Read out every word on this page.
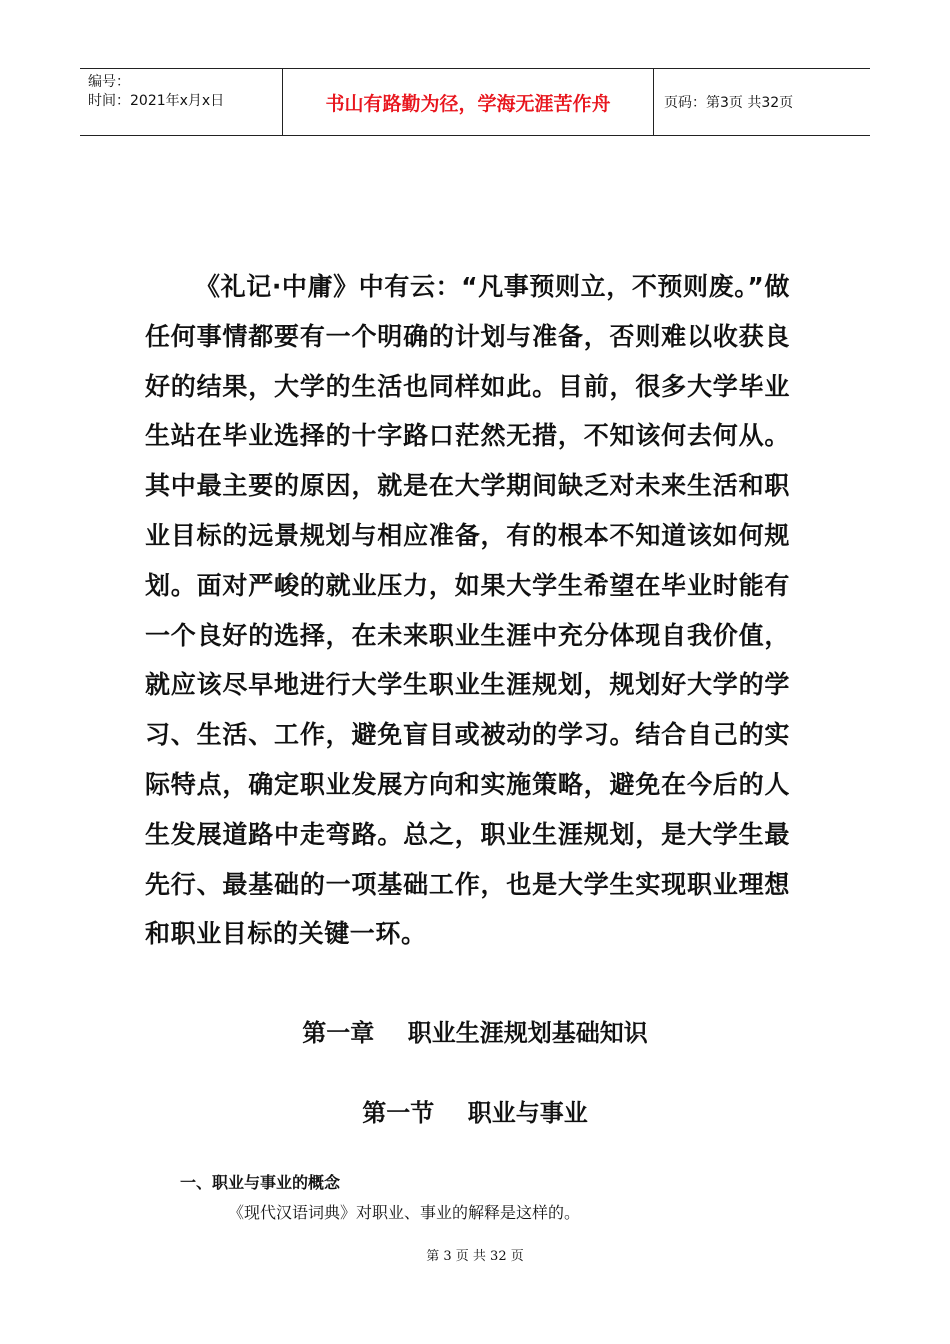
编号：
时间：2021年x月x日	书山有路勤为径，学海无涯苦作舟	页码：第3页 共32页

《礼记·中庸》中有云：“凡事预则立，不预则废。”做任何事情都要有一个明确的计划与准备，否则难以收获良好的结果，大学的生活也同样如此。目前，很多大学毕业生站在毕业选择的十字路口茫然无措，不知该何去何从。其中最主要的原因，就是在大学期间缺乏对未来生活和职业目标的远景规划与相应准备，有的根本不知道该如何规划。面对严峻的就业压力，如果大学生希望在毕业时能有一个良好的选择，在未来职业生涯中充分体现自我价值，就应该尽早地进行大学生职业生涯规划，规划好大学的学习、生活、工作，避免盲目或被动的学习。结合自己的实际特点，确定职业发展方向和实施策略，避免在今后的人生发展道路中走弯路。总之，职业生涯规划，是大学生最先行、最基础的一项基础工作，也是大学生实现职业理想和职业目标的关键一环。

第一章    职业生涯规划基础知识
第一节    职业与事业
一、职业与事业的概念
《现代汉语词典》对职业、事业的解释是这样的。
第 3 页 共 32 页
